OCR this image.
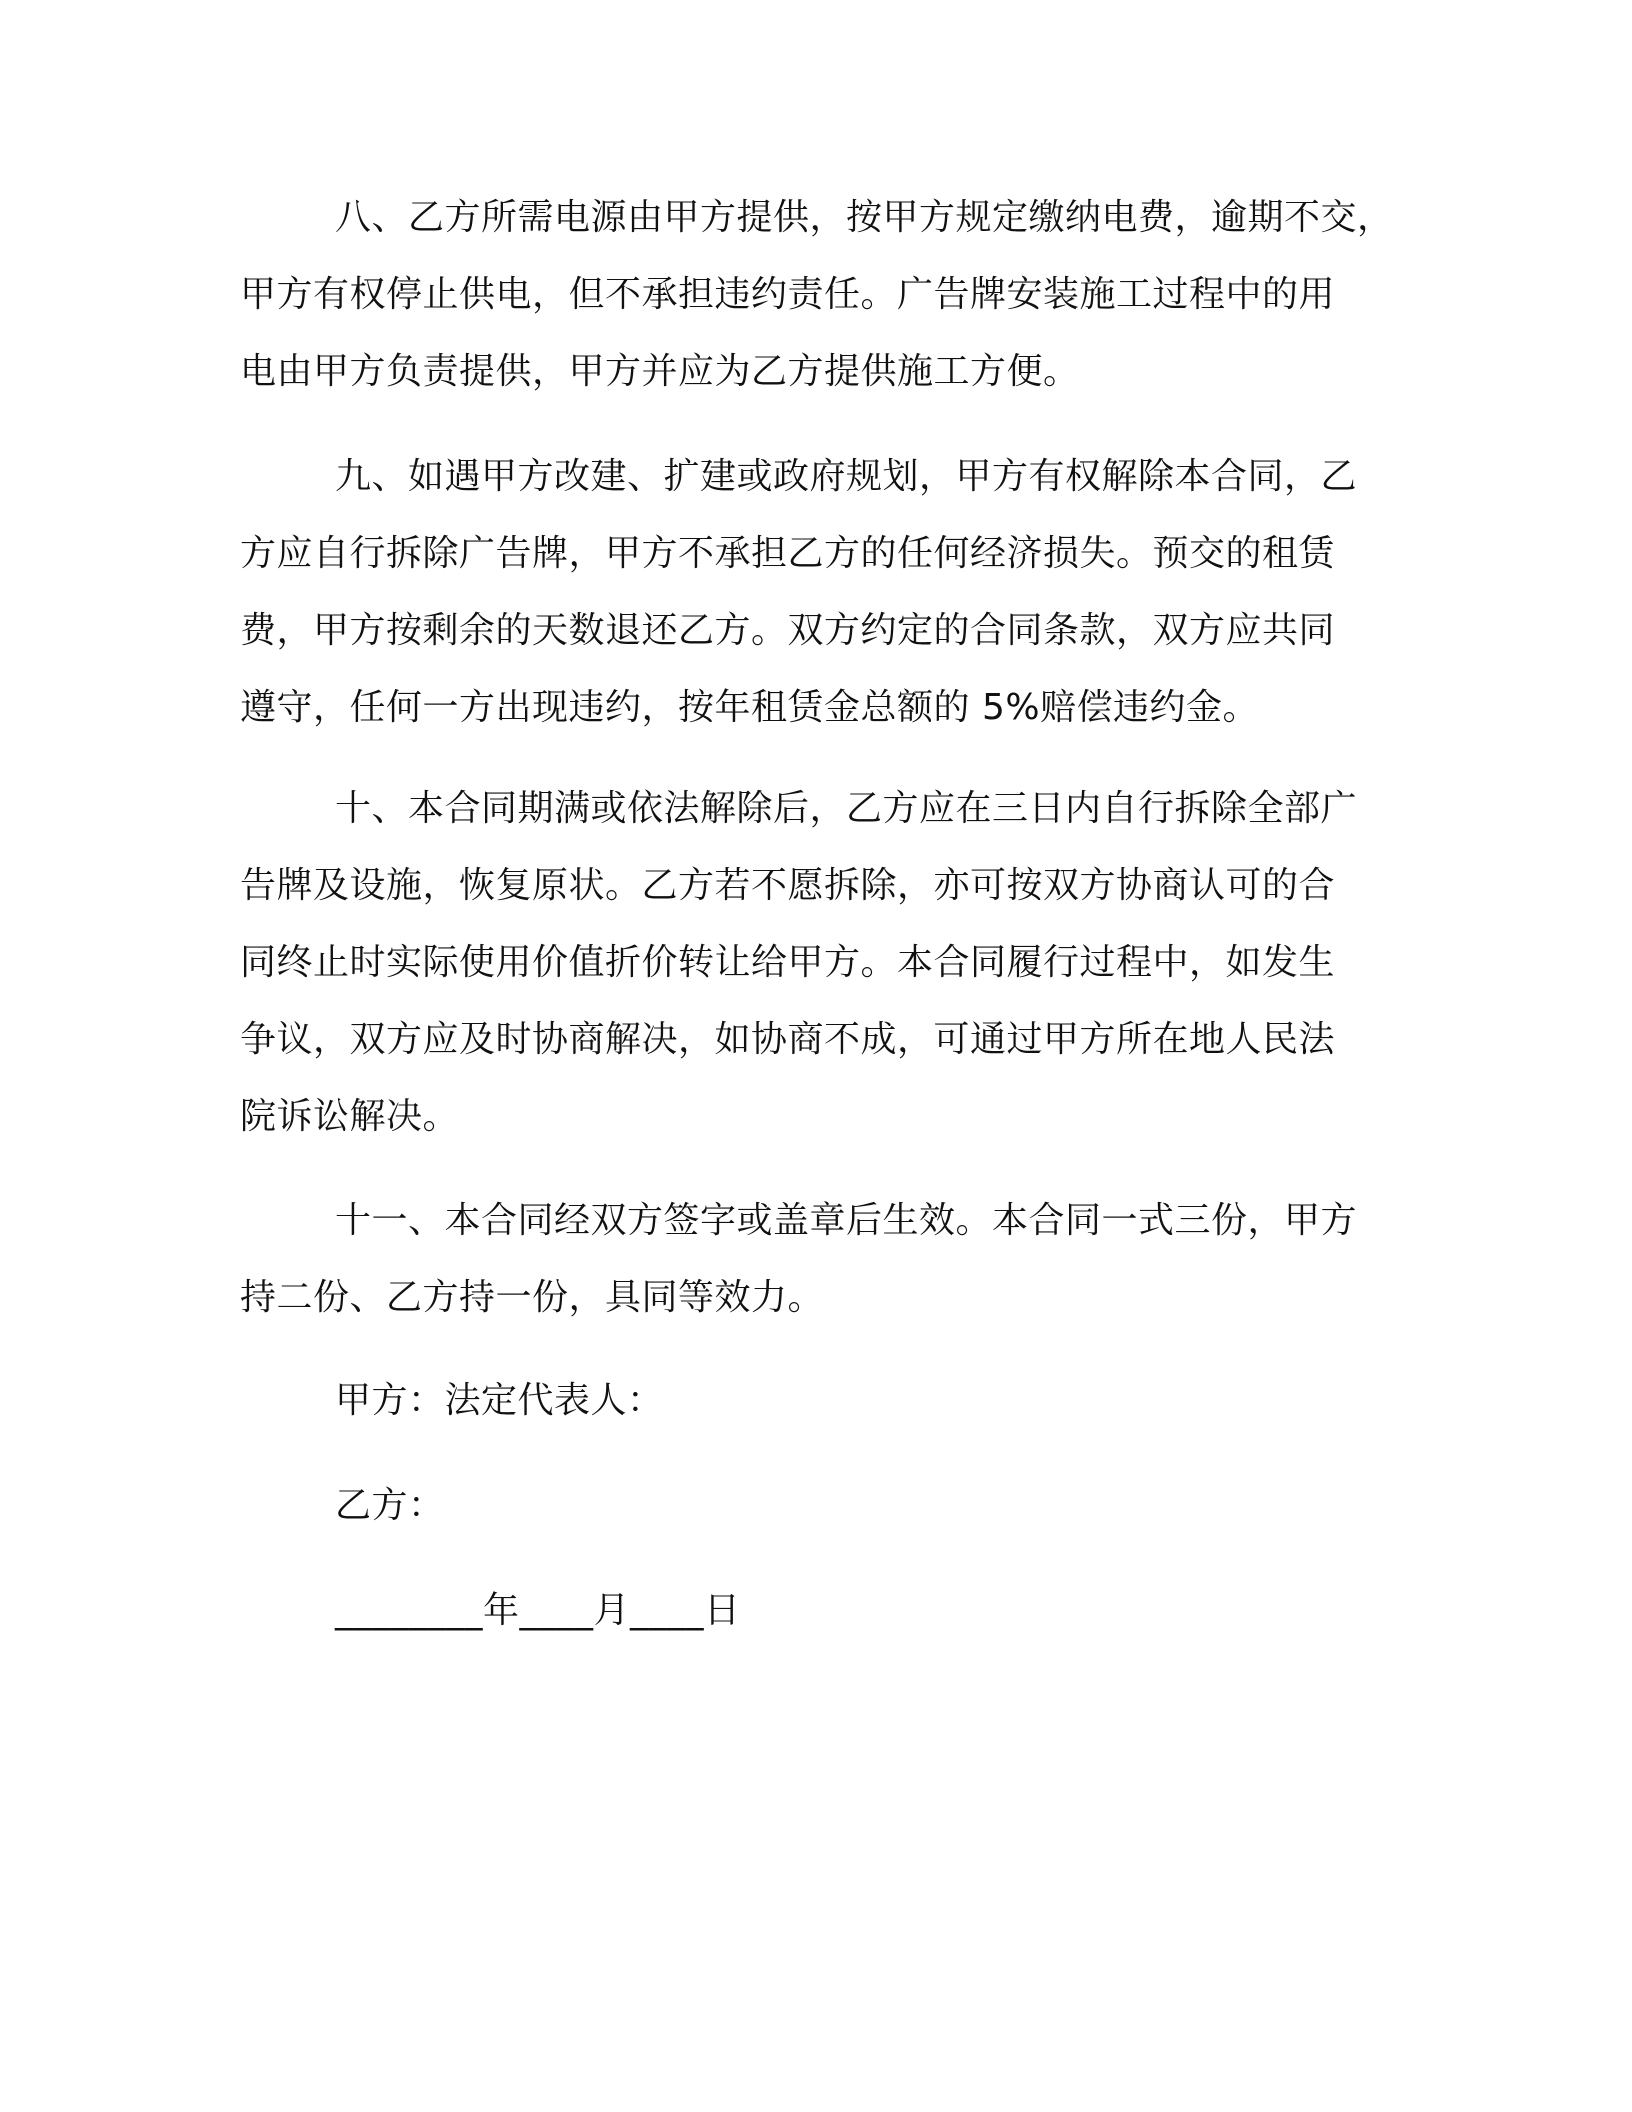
八、乙方所需电源由甲方提供，按甲方规定缴纳电费，逾期不交，
甲方有权停止供电，但不承担违约责任。广告牌安装施工过程中的用
电由甲方负责提供，甲方并应为乙方提供施工方便。
九、如遇甲方改建、扩建或政府规划，甲方有权解除本合同，乙
方应自行拆除广告牌，甲方不承担乙方的任何经济损失。预交的租赁
费，甲方按剩余的天数退还乙方。双方约定的合同条款，双方应共同
遵守，任何一方出现违约，按年租赁金总额的 5%赔偿违约金。
十、本合同期满或依法解除后，乙方应在三日内自行拆除全部广
告牌及设施，恢复原状。乙方若不愿拆除，亦可按双方协商认可的合
同终止时实际使用价值折价转让给甲方。本合同履行过程中，如发生
争议，双方应及时协商解决，如协商不成，可通过甲方所在地人民法
院诉讼解决。
十一、本合同经双方签字或盖章后生效。本合同一式三份，甲方
持二份、乙方持一份，具同等效力。
甲方：法定代表人：
乙方：
________年____月____日
